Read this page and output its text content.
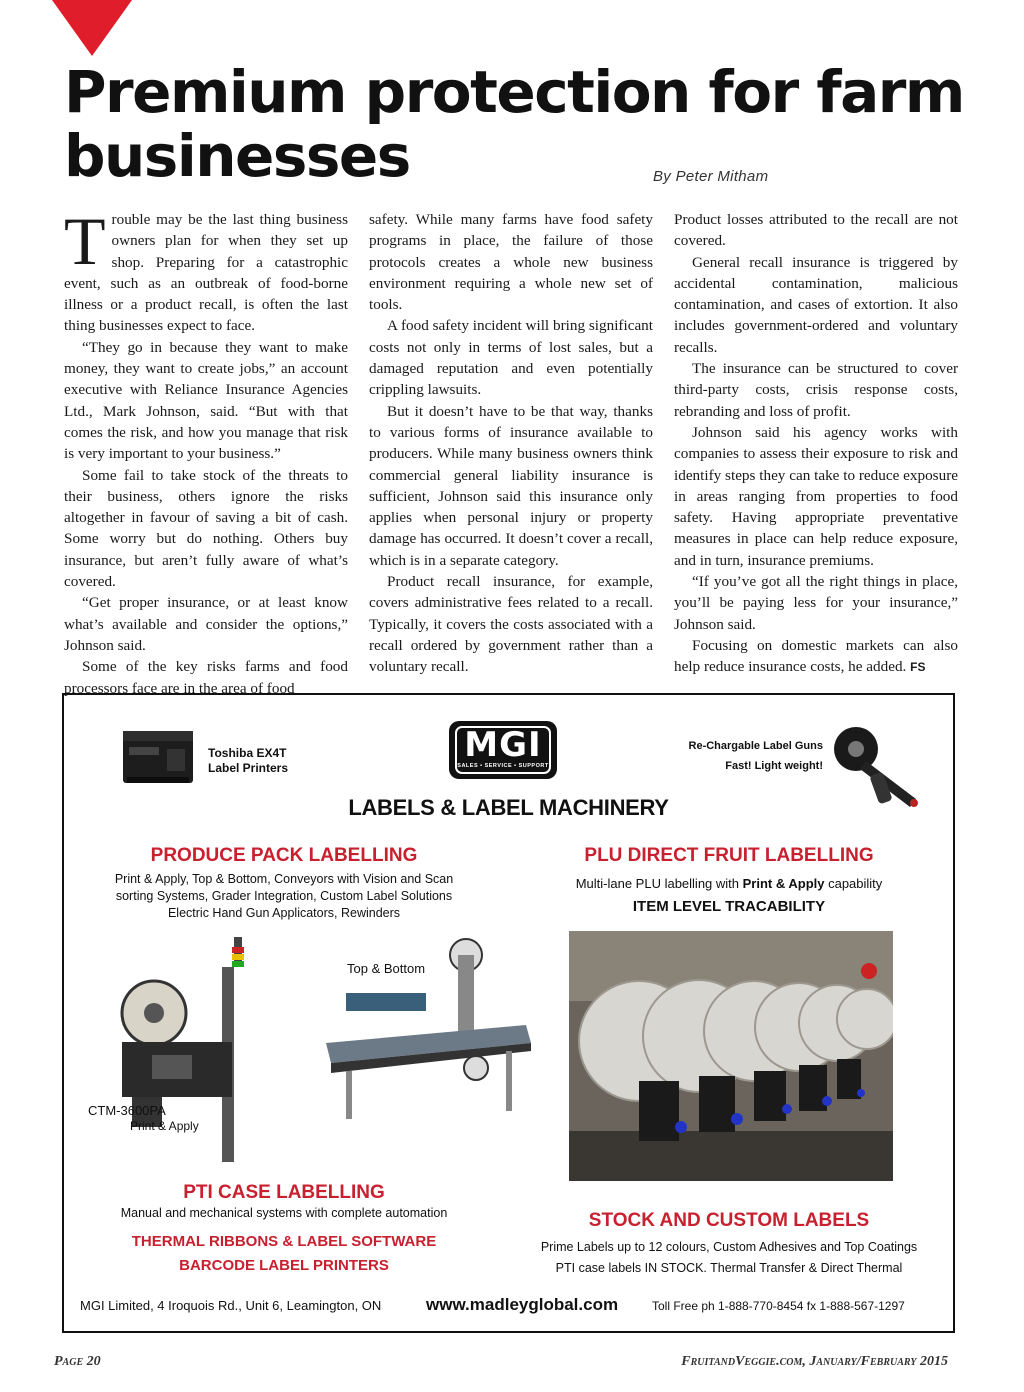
Premium protection for farm businesses	By Peter Mitham

Trouble may be the last thing business owners plan for when they set up shop. Preparing for a catastrophic event, such as an outbreak of food-borne illness or a product recall, is often the last thing businesses expect to face.

“They go in because they want to make money, they want to create jobs,” an account executive with Reliance Insurance Agencies Ltd., Mark Johnson, said. “But with that comes the risk, and how you manage that risk is very important to your business.”

Some fail to take stock of the threats to their business, others ignore the risks altogether in favour of saving a bit of cash. Some worry but do nothing. Others buy insurance, but aren’t fully aware of what’s covered.

“Get proper insurance, or at least know what’s available and consider the options,” Johnson said.

Some of the key risks farms and food processors face are in the area of food

safety. While many farms have food safety programs in place, the failure of those protocols creates a whole new business environment requiring a whole new set of tools.

A food safety incident will bring significant costs not only in terms of lost sales, but a damaged reputation and even potentially crippling lawsuits.

But it doesn’t have to be that way, thanks to various forms of insurance available to producers. While many business owners think commercial general liability insurance is sufficient, Johnson said this insurance only applies when personal injury or property damage has occurred. It doesn’t cover a recall, which is in a separate category.

Product recall insurance, for example, covers administrative fees related to a recall. Typically, it covers the costs associated with a recall ordered by government rather than a voluntary recall.

Product losses attributed to the recall are not covered.

General recall insurance is triggered by accidental contamination, malicious contamination, and cases of extortion. It also includes government-ordered and voluntary recalls.

The insurance can be structured to cover third-party costs, crisis response costs, rebranding and loss of profit.

Johnson said his agency works with companies to assess their exposure to risk and identify steps they can take to reduce exposure in areas ranging from properties to food safety. Having appropriate preventative measures in place can help reduce exposure, and in turn, insurance premiums.

“If you’ve got all the right things in place, you’ll be paying less for your insurance,” Johnson said.

Focusing on domestic markets can also help reduce insurance costs, he added. FS

Toshiba EX4T
Label Printers
MGI
SALES • SERVICE • SUPPORT
LABELS & LABEL MACHINERY
Re-Chargable Label Guns
Fast! Light weight!
PRODUCE PACK LABELLING
Print & Apply, Top & Bottom, Conveyors with Vision and Scan
sorting Systems, Grader Integration, Custom Label Solutions
Electric Hand Gun Applicators, Rewinders
PLU DIRECT FRUIT LABELLING
Multi-lane PLU labelling with Print & Apply capability
ITEM LEVEL TRACABILITY
CTM-3600PA
Print & Apply
Top & Bottom
PTI CASE LABELLING
Manual and mechanical systems with complete automation
THERMAL RIBBONS & LABEL SOFTWARE
BARCODE LABEL PRINTERS
STOCK AND CUSTOM LABELS
Prime Labels up to 12 colours, Custom Adhesives and Top Coatings
PTI case labels IN STOCK. Thermal Transfer & Direct Thermal
MGI Limited, 4 Iroquois Rd., Unit 6, Leamington, ON	www.madleyglobal.com	Toll Free ph 1-888-770-8454 fx 1-888-567-1297
Page 20	FruitandVeggie.com, January/February 2015
